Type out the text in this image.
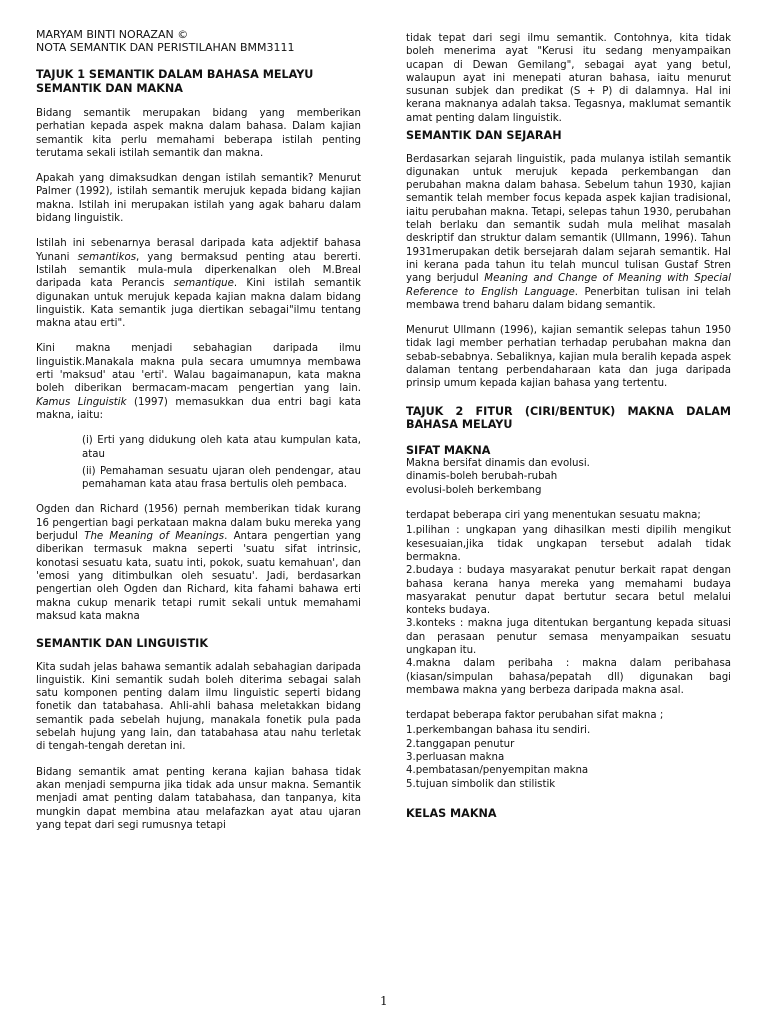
MARYAM BINTI NORAZAN ©

NOTA SEMANTIK DAN PERISTILAHAN BMM3111

TAJUK 1 SEMANTIK DALAM BAHASA MELAYU
SEMANTIK DAN MAKNA

Bidang semantik merupakan bidang yang memberikan perhatian kepada aspek makna dalam bahasa. Dalam kajian semantik kita perlu memahami beberapa istilah penting terutama sekali istilah semantik dan makna.

Apakah yang dimaksudkan dengan istilah semantik? Menurut Palmer (1992), istilah semantik merujuk kepada bidang kajian makna. Istilah ini merupakan istilah yang agak baharu dalam bidang linguistik.

Istilah ini sebenarnya berasal daripada kata adjektif bahasa Yunani semantikos, yang bermaksud penting atau bererti. Istilah semantik mula-mula diperkenalkan oleh M.Breal daripada kata Perancis semantique. Kini istilah semantik digunakan untuk merujuk kepada kajian makna dalam bidang linguistik. Kata semantik juga diertikan sebagai"ilmu tentang makna atau erti".

Kini makna menjadi sebahagian daripada ilmu linguistik.Manakala makna pula secara umumnya membawa erti 'maksud' atau 'erti'. Walau bagaimanapun, kata makna boleh diberikan bermacam-macam pengertian yang lain. Kamus Linguistik (1997) memasukkan dua entri bagi kata makna, iaitu:

(i) Erti yang didukung oleh kata atau kumpulan kata, atau

(ii) Pemahaman sesuatu ujaran oleh pendengar, atau pemahaman kata atau frasa bertulis oleh pembaca.

Ogden dan Richard (1956) pernah memberikan tidak kurang 16 pengertian bagi perkataan makna dalam buku mereka yang berjudul The Meaning of Meanings. Antara pengertian yang diberikan termasuk makna seperti 'suatu sifat intrinsic, konotasi sesuatu kata, suatu inti, pokok, suatu kemahuan', dan 'emosi yang ditimbulkan oleh sesuatu'. Jadi, berdasarkan pengertian oleh Ogden dan Richard, kita fahami bahawa erti makna cukup menarik tetapi rumit sekali untuk memahami maksud kata makna

SEMANTIK DAN LINGUISTIK

Kita sudah jelas bahawa semantik adalah sebahagian daripada linguistik. Kini semantik sudah boleh diterima sebagai salah satu komponen penting dalam ilmu linguistic seperti bidang fonetik dan tatabahasa. Ahli-ahli bahasa meletakkan bidang semantik pada sebelah hujung, manakala fonetik pula pada sebelah hujung yang lain, dan tatabahasa atau nahu terletak di tengah-tengah deretan ini.

Bidang semantik amat penting kerana kajian bahasa tidak akan menjadi sempurna jika tidak ada unsur makna. Semantik menjadi amat penting dalam tatabahasa, dan tanpanya, kita mungkin dapat membina atau melafazkan ayat atau ujaran yang tepat dari segi rumusnya tetapi

tidak tepat dari segi ilmu semantik. Contohnya, kita tidak boleh menerima ayat "Kerusi itu sedang menyampaikan ucapan di Dewan Gemilang", sebagai ayat yang betul, walaupun ayat ini menepati aturan bahasa, iaitu menurut susunan subjek dan predikat (S + P) di dalamnya. Hal ini kerana maknanya adalah taksa. Tegasnya, maklumat semantik amat penting dalam linguistik.

SEMANTIK DAN SEJARAH

Berdasarkan sejarah linguistik, pada mulanya istilah semantik digunakan untuk merujuk kepada perkembangan dan perubahan makna dalam bahasa. Sebelum tahun 1930, kajian semantik telah member focus kepada aspek kajian tradisional, iaitu perubahan makna. Tetapi, selepas tahun 1930, perubahan telah berlaku dan semantik sudah mula melihat masalah deskriptif dan struktur dalam semantik (Ullmann, 1996). Tahun 1931merupakan detik bersejarah dalam sejarah semantik. Hal ini kerana pada tahun itu telah muncul tulisan Gustaf Stren yang berjudul Meaning and Change of Meaning with Special Reference to English Language. Penerbitan tulisan ini telah membawa trend baharu dalam bidang semantik.

Menurut Ullmann (1996), kajian semantik selepas tahun 1950 tidak lagi member perhatian terhadap perubahan makna dan sebab-sebabnya. Sebaliknya, kajian mula beralih kepada aspek dalaman tentang perbendaharaan kata dan juga daripada prinsip umum kepada kajian bahasa yang tertentu.

TAJUK 2 FITUR (CIRI/BENTUK) MAKNA DALAM BAHASA MELAYU
SIFAT MAKNA
Makna bersifat dinamis dan evolusi.
dinamis-boleh berubah-rubah
evolusi-boleh berkembang

terdapat beberapa ciri yang menentukan sesuatu makna;

1.pilihan : ungkapan yang dihasilkan mesti dipilih mengikut kesesuaian,jika tidak ungkapan tersebut adalah tidak bermakna.
2.budaya : budaya masyarakat penutur berkait rapat dengan bahasa kerana hanya mereka yang memahami budaya masyarakat penutur dapat bertutur secara betul melalui konteks budaya.
3.konteks : makna juga ditentukan bergantung kepada situasi dan perasaan penutur semasa menyampaikan sesuatu ungkapan itu.
4.makna dalam peribaha : makna dalam peribahasa (kiasan/simpulan bahasa/pepatah dll) digunakan bagi membawa makna yang berbeza daripada makna asal.

terdapat beberapa faktor perubahan sifat makna ;

1.perkembangan bahasa itu sendiri.
2.tanggapan penutur
3.perluasan makna
4.pembatasan/penyempitan makna
5.tujuan simbolik dan stilistik
KELAS MAKNA
1
